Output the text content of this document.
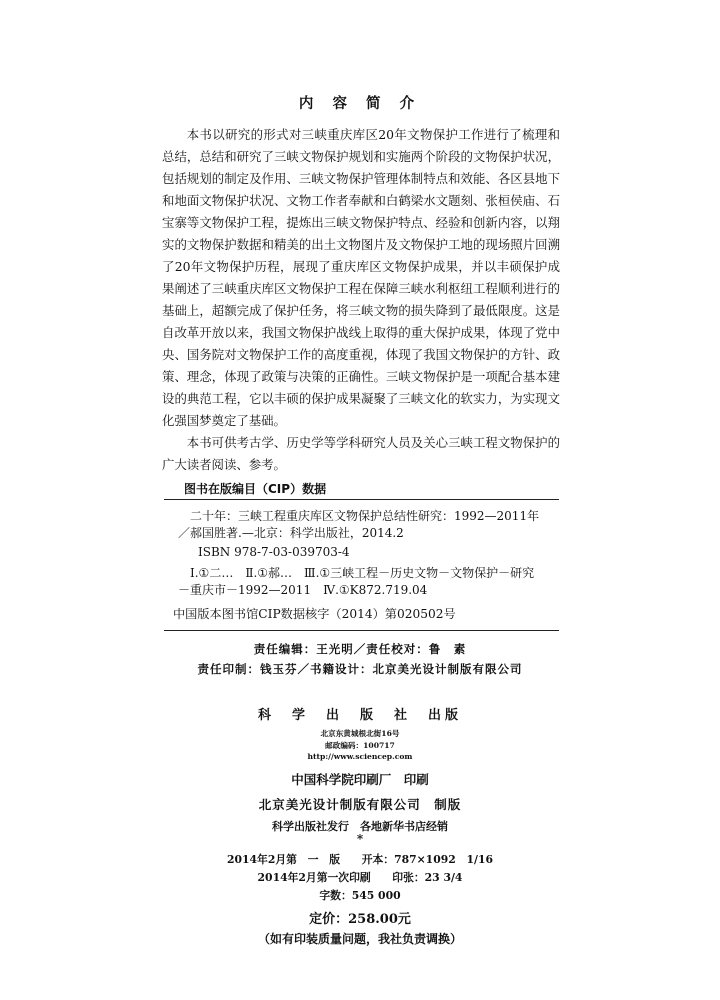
内 容 简 介

本书以研究的形式对三峡重庆库区20年文物保护工作进行了梳理和总结，总结和研究了三峡文物保护规划和实施两个阶段的文物保护状况，包括规划的制定及作用、三峡文物保护管理体制特点和效能、各区县地下和地面文物保护状况、文物工作者奉献和白鹤梁水文题刻、张桓侯庙、石宝寨等文物保护工程，提炼出三峡文物保护特点、经验和创新内容，以翔实的文物保护数据和精美的出土文物图片及文物保护工地的现场照片回溯了20年文物保护历程，展现了重庆库区文物保护成果，并以丰硕保护成果阐述了三峡重庆库区文物保护工程在保障三峡水利枢纽工程顺利进行的基础上，超额完成了保护任务，将三峡文物的损失降到了最低限度。这是自改革开放以来，我国文物保护战线上取得的重大保护成果，体现了党中央、国务院对文物保护工作的高度重视，体现了我国文物保护的方针、政策、理念，体现了政策与决策的正确性。三峡文物保护是一项配合基本建设的典范工程，它以丰硕的保护成果凝聚了三峡文化的软实力，为实现文化强国梦奠定了基础。

本书可供考古学、历史学等学科研究人员及关心三峡工程文物保护的广大读者阅读、参考。

图书在版编目（CIP）数据

二十年：三峡工程重庆库区文物保护总结性研究：1992—2011年／郝国胜著.—北京：科学出版社，2014.2

ISBN 978-7-03-039703-4

Ⅰ.①二…　Ⅱ.①郝…　Ⅲ.①三峡工程－历史文物－文物保护－研究－重庆市－1992—2011　Ⅳ.①K872.719.04

中国版本图书馆CIP数据核字（2014）第020502号
责任编辑：王光明／责任校对：鲁　素
责任印制：钱玉芬／书籍设计：北京美光设计制版有限公司
科　学　出　版　社　出版
北京东黄城根北街16号
邮政编码：100717
http://www.sciencep.com
中国科学院印刷厂　印刷
北京美光设计制版有限公司　制版
科学出版社发行　各地新华书店经销
*
2014年2月第　一　版　　开本：787×1092　1/16
2014年2月第一次印刷　　印张：23 3/4
字数：545 000
定价：258.00元
（如有印装质量问题，我社负责调换）
